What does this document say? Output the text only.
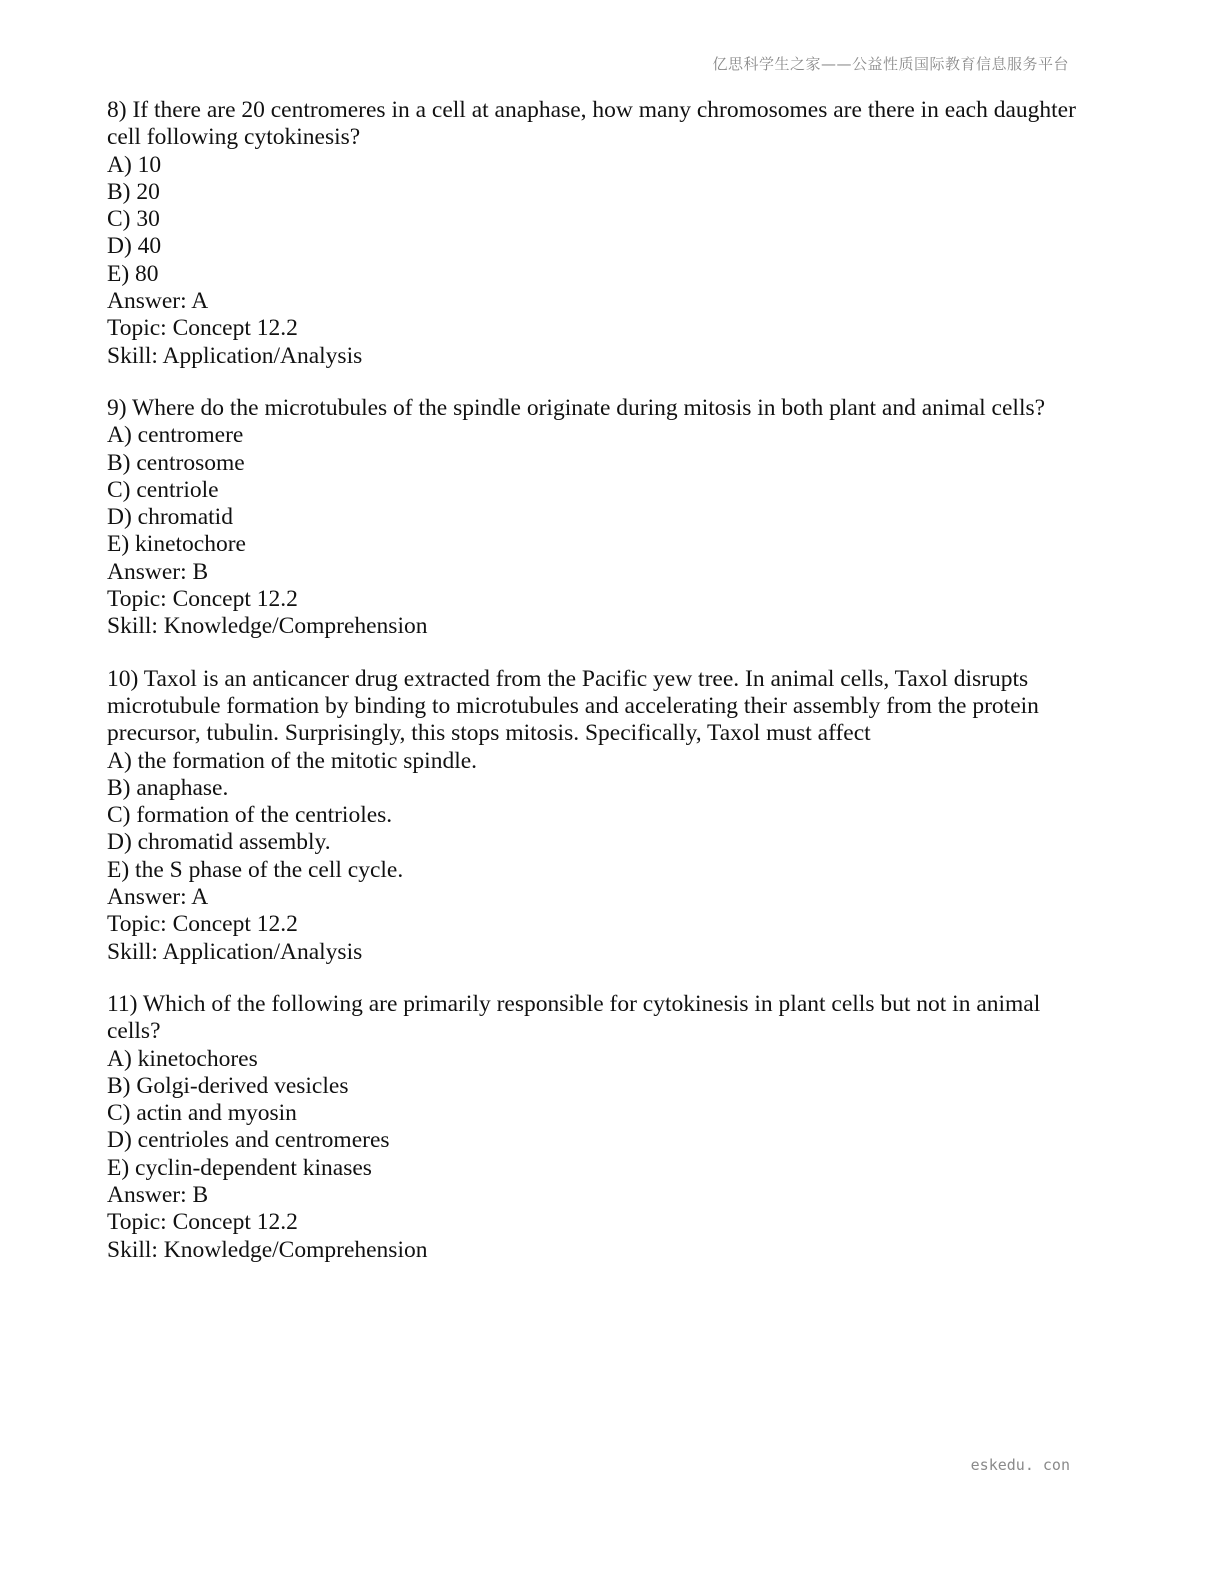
亿思科学生之家——公益性质国际教育信息服务平台

8) If there are 20 centromeres in a cell at anaphase, how many chromosomes are there in each daughter cell following cytokinesis?

A) 10

B) 20

C) 30

D) 40

E) 80

Answer: A

Topic: Concept 12.2

Skill: Application/Analysis

9) Where do the microtubules of the spindle originate during mitosis in both plant and animal cells?

A) centromere

B) centrosome

C) centriole

D) chromatid

E) kinetochore

Answer: B

Topic: Concept 12.2

Skill: Knowledge/Comprehension

10) Taxol is an anticancer drug extracted from the Pacific yew tree. In animal cells, Taxol disrupts microtubule formation by binding to microtubules and accelerating their assembly from the protein precursor, tubulin. Surprisingly, this stops mitosis. Specifically, Taxol must affect

A) the formation of the mitotic spindle.

B) anaphase.

C) formation of the centrioles.

D) chromatid assembly.

E) the S phase of the cell cycle.

Answer: A

Topic: Concept 12.2

Skill: Application/Analysis

11) Which of the following are primarily responsible for cytokinesis in plant cells but not in animal cells?

A) kinetochores

B) Golgi-derived vesicles

C) actin and myosin

D) centrioles and centromeres

E) cyclin-dependent kinases

Answer: B

Topic: Concept 12.2

Skill: Knowledge/Comprehension

eskedu. con
